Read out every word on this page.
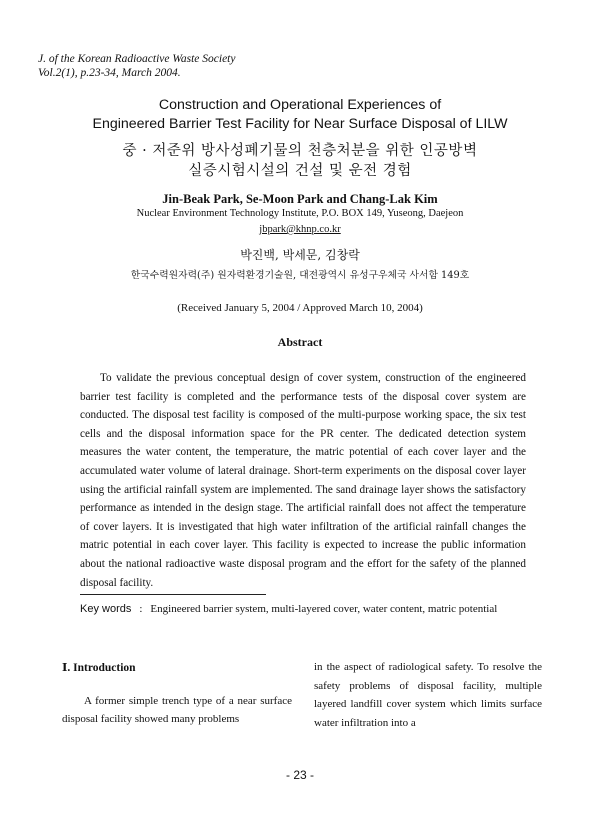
J. of the Korean Radioactive Waste Society
Vol.2(1), p.23-34, March 2004.
Construction and Operational Experiences of
Engineered Barrier Test Facility for Near Surface Disposal of LILW
중 · 저준위 방사성폐기물의 천층처분을 위한 인공방벽
실증시험시설의 건설 및 운전 경험
Jin-Beak Park, Se-Moon Park and Chang-Lak Kim
Nuclear Environment Technology Institute, P.O. BOX 149, Yuseong, Daejeon
jbpark@khnp.co.kr
박진백, 박세문, 김창락
한국수력원자력(주) 원자력환경기술원, 대전광역시 유성구우체국 사서함 149호
(Received January 5, 2004 / Approved March 10, 2004)
Abstract

To validate the previous conceptual design of cover system, construction of the engineered barrier test facility is completed and the performance tests of the disposal cover system are conducted. The disposal test facility is composed of the multi-purpose working space, the six test cells and the disposal information space for the PR center. The dedicated detection system measures the water content, the temperature, the matric potential of each cover layer and the accumulated water volume of lateral drainage. Short-term experiments on the disposal cover layer using the artificial rainfall system are implemented. The sand drainage layer shows the satisfactory performance as intended in the design stage. The artificial rainfall does not affect the temperature of cover layers. It is investigated that high water infiltration of the artificial rainfall changes the matric potential in each cover layer. This facility is expected to increase the public information about the national radioactive waste disposal program and the effort for the safety of the planned disposal facility.

Key words : Engineered barrier system, multi-layered cover, water content, matric potential
Ⅰ. Introduction

A former simple trench type of a near surface disposal facility showed many problems

in the aspect of radiological safety. To resolve the safety problems of disposal facility, multiple layered landfill cover system which limits surface water infiltration into a

- 23 -
